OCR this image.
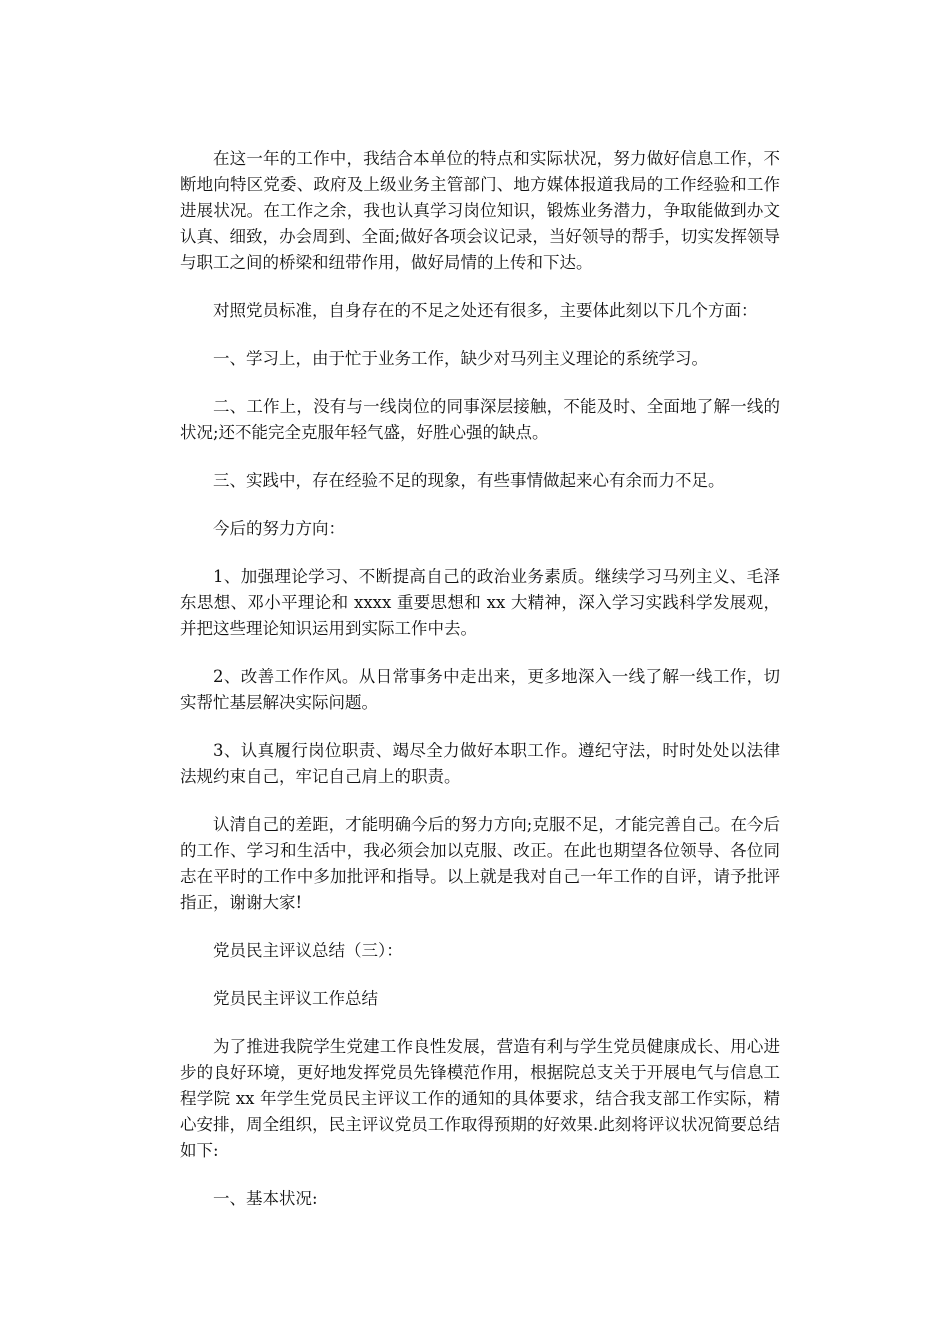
在这一年的工作中，我结合本单位的特点和实际状况，努力做好信息工作，不断地向特区党委、政府及上级业务主管部门、地方媒体报道我局的工作经验和工作进展状况。在工作之余，我也认真学习岗位知识，锻炼业务潜力，争取能做到办文认真、细致，办会周到、全面;做好各项会议记录，当好领导的帮手，切实发挥领导与职工之间的桥梁和纽带作用，做好局情的上传和下达。

对照党员标准，自身存在的不足之处还有很多，主要体此刻以下几个方面：

一、学习上，由于忙于业务工作，缺少对马列主义理论的系统学习。

二、工作上，没有与一线岗位的同事深层接触，不能及时、全面地了解一线的状况;还不能完全克服年轻气盛，好胜心强的缺点。

三、实践中，存在经验不足的现象，有些事情做起来心有余而力不足。

今后的努力方向：

1、加强理论学习、不断提高自己的政治业务素质。继续学习马列主义、毛泽东思想、邓小平理论和 xxxx 重要思想和 xx 大精神，深入学习实践科学发展观，并把这些理论知识运用到实际工作中去。

2、改善工作作风。从日常事务中走出来，更多地深入一线了解一线工作，切实帮忙基层解决实际问题。

3、认真履行岗位职责、竭尽全力做好本职工作。遵纪守法，时时处处以法律法规约束自己，牢记自己肩上的职责。

认清自己的差距，才能明确今后的努力方向;克服不足，才能完善自己。在今后的工作、学习和生活中，我必须会加以克服、改正。在此也期望各位领导、各位同志在平时的工作中多加批评和指导。以上就是我对自己一年工作的自评，请予批评指正，谢谢大家!

党员民主评议总结（三）：

党员民主评议工作总结

为了推进我院学生党建工作良性发展，营造有利与学生党员健康成长、用心进步的良好环境，更好地发挥党员先锋模范作用，根据院总支关于开展电气与信息工程学院 xx 年学生党员民主评议工作的通知的具体要求，结合我支部工作实际，精心安排，周全组织，民主评议党员工作取得预期的好效果.此刻将评议状况简要总结如下:

一、基本状况:
